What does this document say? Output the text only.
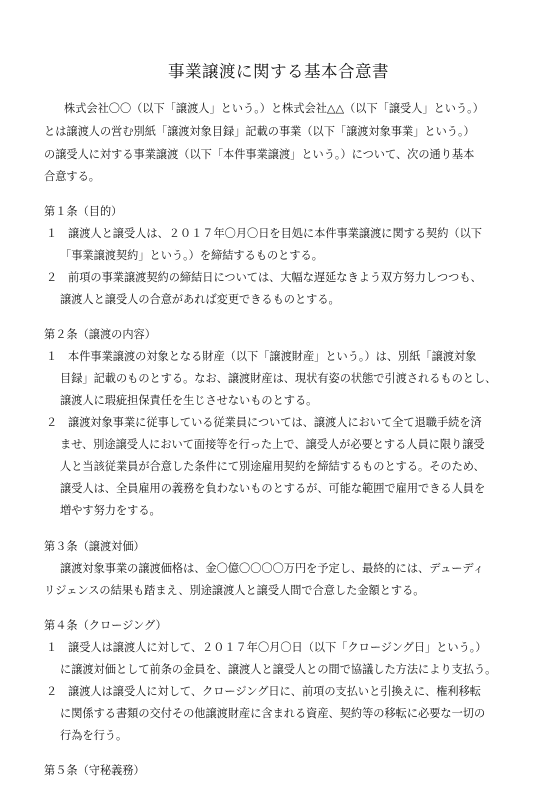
事業譲渡に関する基本合意書
株式会社〇〇（以下「譲渡人」という。）と株式会社△△（以下「譲受人」という。）
とは譲渡人の営む別紙「譲渡対象目録」記載の事業（以下「譲渡対象事業」という。）
の譲受人に対する事業譲渡（以下「本件事業譲渡」という。）について、次の通り基本
合意する。
第１条（目的）
１ 譲渡人と譲受人は、２０１７年〇月〇日を目処に本件事業譲渡に関する契約（以下
「事業譲渡契約」という。）を締結するものとする。
２ 前項の事業譲渡契約の締結日については、大幅な遅延なきよう双方努力しつつも、
譲渡人と譲受人の合意があれば変更できるものとする。
第２条（譲渡の内容）
１ 本件事業譲渡の対象となる財産（以下「譲渡財産」という。）は、別紙「譲渡対象
目録」記載のものとする。なお、譲渡財産は、現状有姿の状態で引渡されるものとし、
譲渡人に瑕疵担保責任を生じさせないものとする。
２ 譲渡対象事業に従事している従業員については、譲渡人において全て退職手続を済
ませ、別途譲受人において面接等を行った上で、譲受人が必要とする人員に限り譲受
人と当該従業員が合意した条件にて別途雇用契約を締結するものとする。そのため、
譲受人は、全員雇用の義務を負わないものとするが、可能な範囲で雇用できる人員を
増やす努力をする。
第３条（譲渡対価）
譲渡対象事業の譲渡価格は、金〇億〇〇〇〇万円を予定し、最終的には、デューディ
リジェンスの結果も踏まえ、別途譲渡人と譲受人間で合意した金額とする。
第４条（クロージング）
１ 譲受人は譲渡人に対して、２０１７年〇月〇日（以下「クロージング日」という。）
に譲渡対価として前条の金員を、譲渡人と譲受人との間で協議した方法により支払う。
２ 譲渡人は譲受人に対して、クロージング日に、前項の支払いと引換えに、権利移転
に関係する書類の交付その他譲渡財産に含まれる資産、契約等の移転に必要な一切の
行為を行う。
第５条（守秘義務）
